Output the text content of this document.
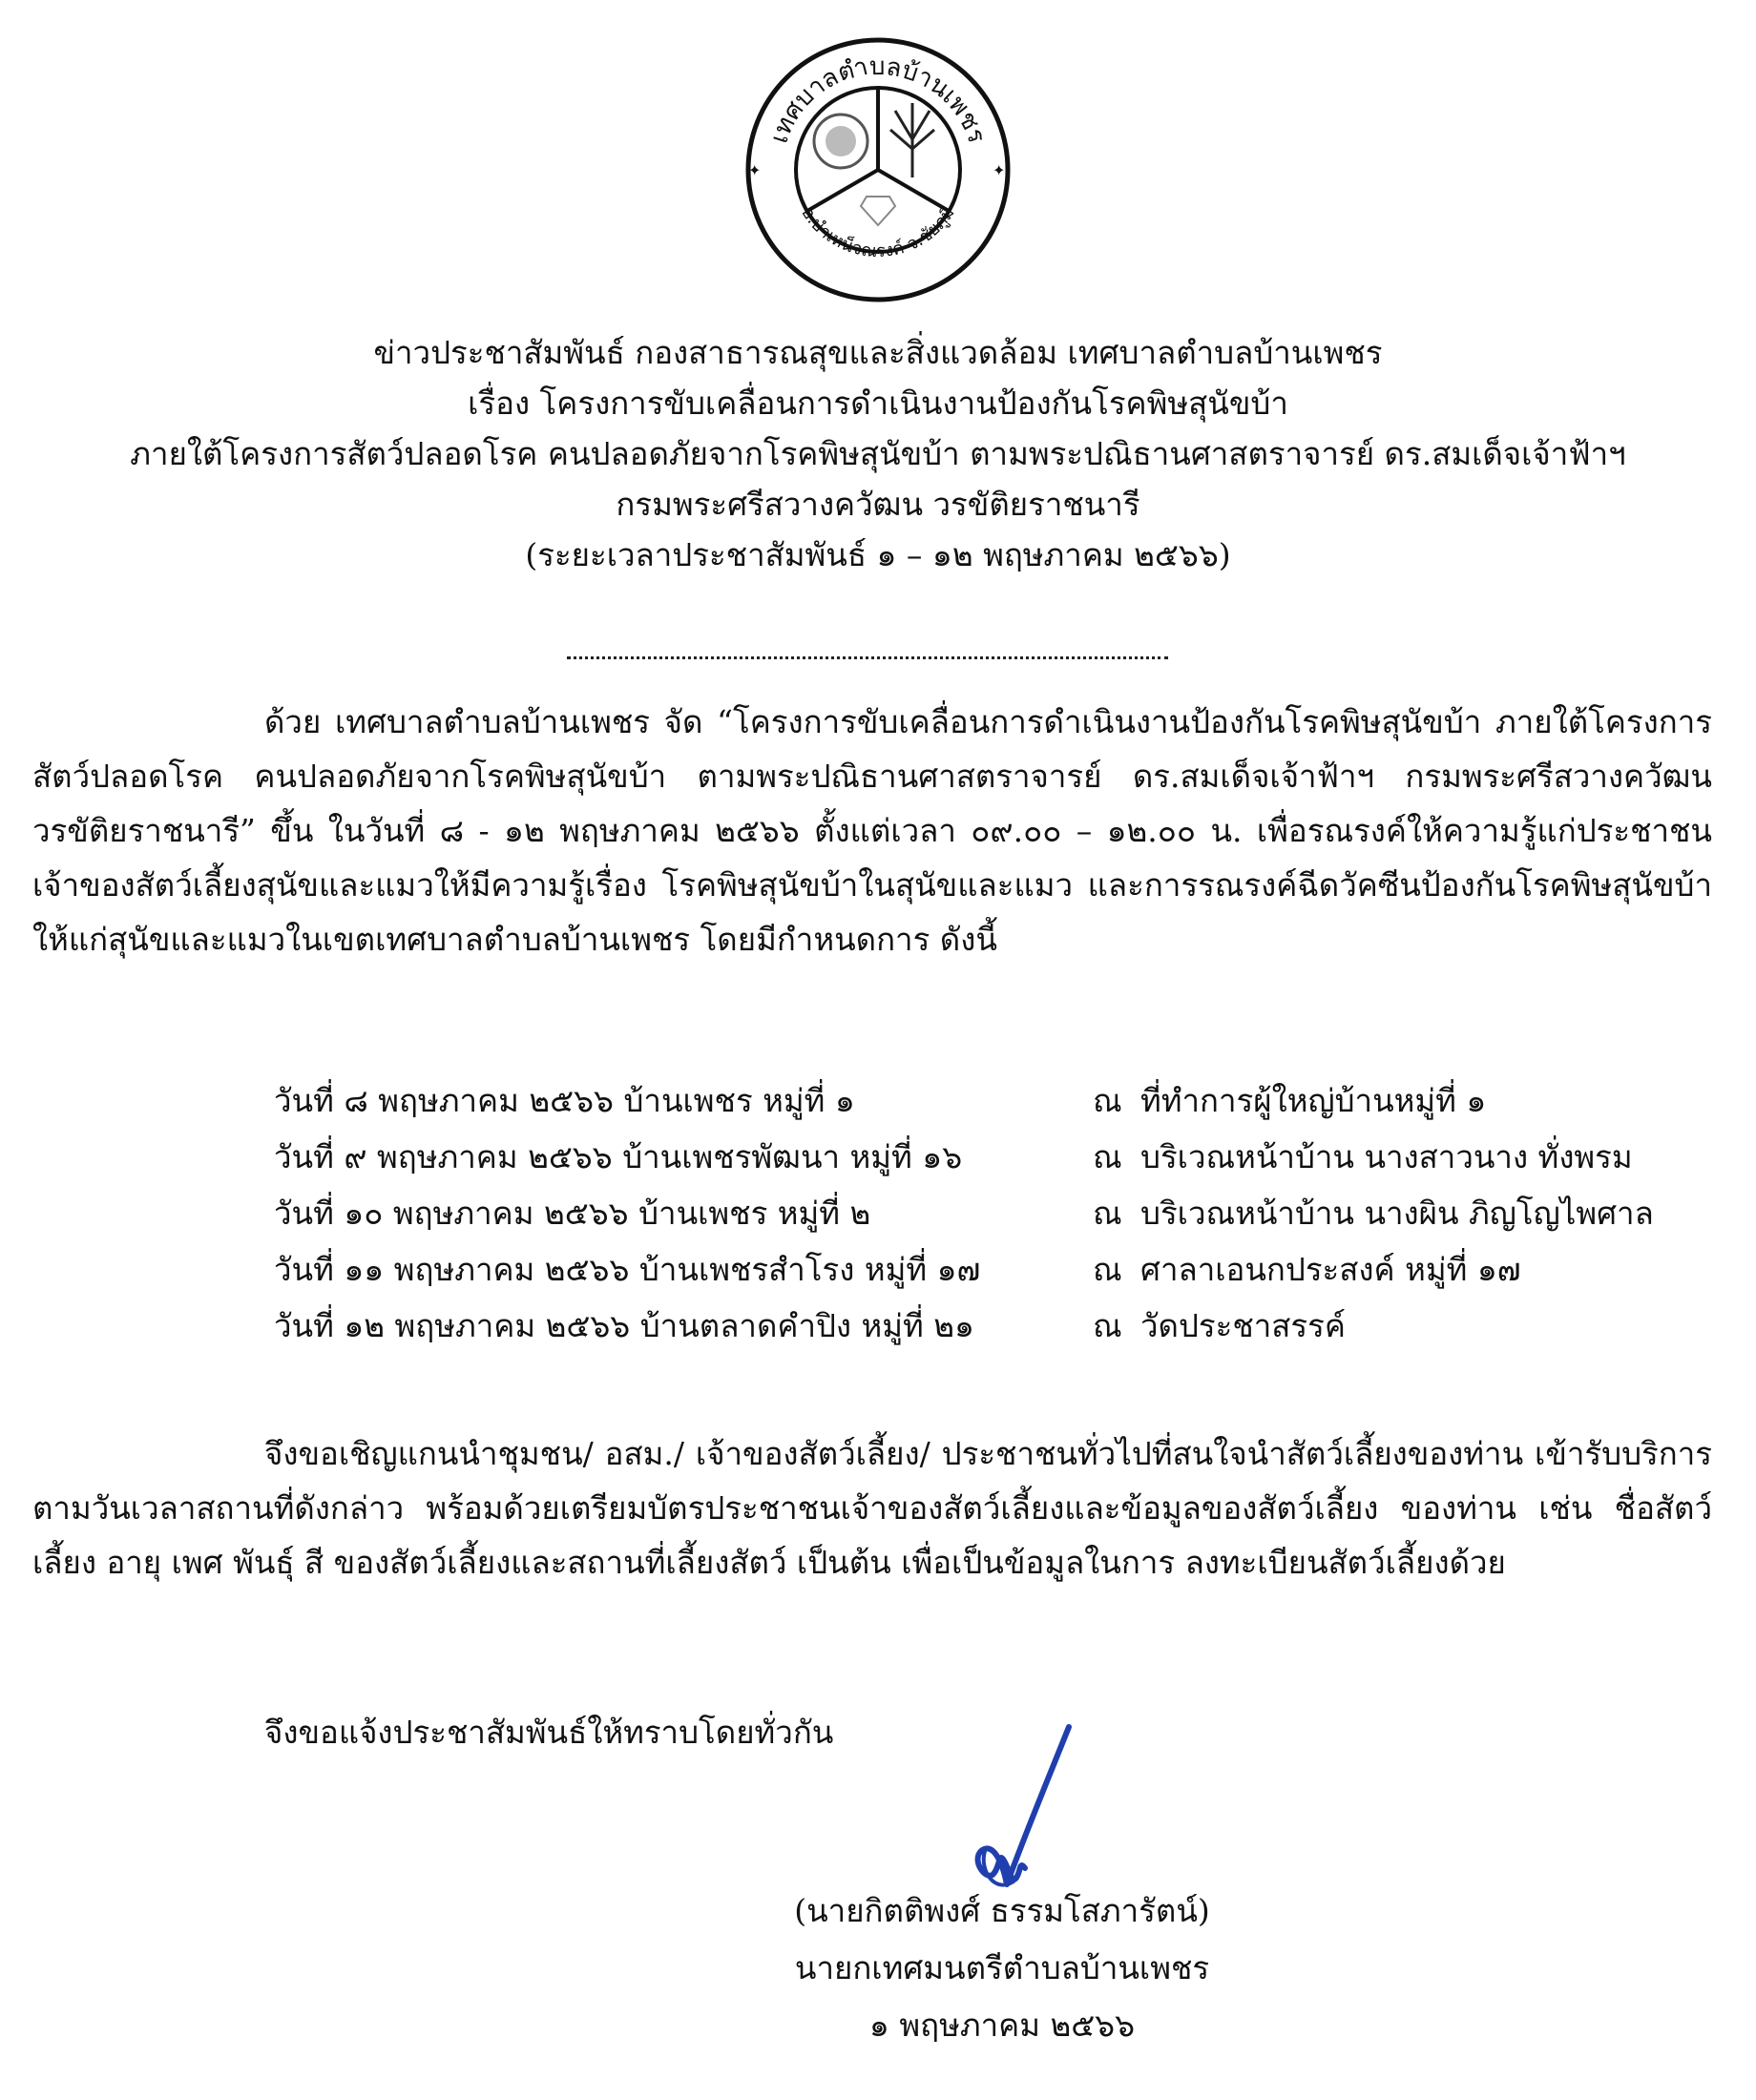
✦	✦
เทศบาลตำบลบ้านเพชร
อ.บำเหน็จณรงค์ จ.ชัยภูมิ
ข่าวประชาสัมพันธ์ กองสาธารณสุขและสิ่งแวดล้อม เทศบาลตำบลบ้านเพชร
เรื่อง โครงการขับเคลื่อนการดำเนินงานป้องกันโรคพิษสุนัขบ้า
ภายใต้โครงการสัตว์ปลอดโรค คนปลอดภัยจากโรคพิษสุนัขบ้า ตามพระปณิธานศาสตราจารย์ ดร.สมเด็จเจ้าฟ้าฯ
กรมพระศรีสวางควัฒน วรขัติยราชนารี
(ระยะเวลาประชาสัมพันธ์ ๑ – ๑๒ พฤษภาคม ๒๕๖๖)
ด้วย เทศบาลตำบลบ้านเพชร จัด “โครงการขับเคลื่อนการดำเนินงานป้องกันโรคพิษสุนัขบ้า ภายใต้โครงการสัตว์ปลอดโรค คนปลอดภัยจากโรคพิษสุนัขบ้า ตามพระปณิธานศาสตราจารย์ ดร.สมเด็จเจ้าฟ้าฯ กรมพระศรีสวางควัฒน วรขัติยราชนารี” ขึ้น ในวันที่ ๘ - ๑๒ พฤษภาคม ๒๕๖๖ ตั้งแต่เวลา ๐๙.๐๐ – ๑๒.๐๐ น. เพื่อรณรงค์ให้ความรู้แก่ประชาชน เจ้าของสัตว์เลี้ยงสุนัขและแมวให้มีความรู้เรื่อง โรคพิษสุนัขบ้าในสุนัขและแมว และการรณรงค์ฉีดวัคซีนป้องกันโรคพิษสุนัขบ้าให้แก่สุนัขและแมวในเขตเทศบาลตำบลบ้านเพชร โดยมีกำหนดการ ดังนี้
วันที่ ๘ พฤษภาคม ๒๕๖๖ บ้านเพชร หมู่ที่ ๑	ณ ที่ทำการผู้ใหญ่บ้านหมู่ที่ ๑
วันที่ ๙ พฤษภาคม ๒๕๖๖ บ้านเพชรพัฒนา หมู่ที่ ๑๖	ณ บริเวณหน้าบ้าน นางสาวนาง ทั่งพรม
วันที่ ๑๐ พฤษภาคม ๒๕๖๖ บ้านเพชร หมู่ที่ ๒	ณ บริเวณหน้าบ้าน นางผิน ภิญโญไพศาล
วันที่ ๑๑ พฤษภาคม ๒๕๖๖ บ้านเพชรสำโรง หมู่ที่ ๑๗	ณ ศาลาเอนกประสงค์ หมู่ที่ ๑๗
วันที่ ๑๒ พฤษภาคม ๒๕๖๖ บ้านตลาดคำปิง หมู่ที่ ๒๑	ณ วัดประชาสรรค์
จึงขอเชิญแกนนำชุมชน/ อสม./ เจ้าของสัตว์เลี้ยง/ ประชาชนทั่วไปที่สนใจนำสัตว์เลี้ยงของท่าน เข้ารับบริการตามวันเวลาสถานที่ดังกล่าว พร้อมด้วยเตรียมบัตรประชาชนเจ้าของสัตว์เลี้ยงและข้อมูลของสัตว์เลี้ยง ของท่าน เช่น ชื่อสัตว์เลี้ยง อายุ เพศ พันธุ์ สี ของสัตว์เลี้ยงและสถานที่เลี้ยงสัตว์ เป็นต้น เพื่อเป็นข้อมูลในการ ลงทะเบียนสัตว์เลี้ยงด้วย
จึงขอแจ้งประชาสัมพันธ์ให้ทราบโดยทั่วกัน
(นายกิตติพงศ์ ธรรมโสภารัตน์)
นายกเทศมนตรีตำบลบ้านเพชร
๑ พฤษภาคม ๒๕๖๖
